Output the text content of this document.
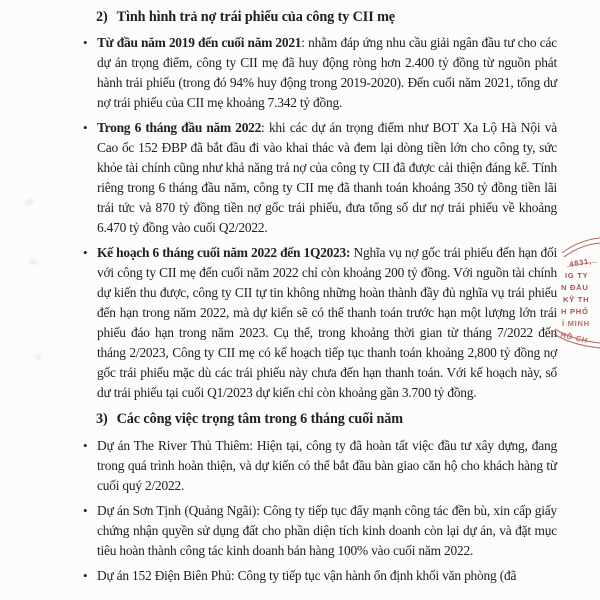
2) Tình hình trả nợ trái phiếu của công ty CII mẹ
• Từ đầu năm 2019 đến cuối năm 2021: nhằm đáp ứng nhu cầu giải ngân đầu tư cho các dự án trọng điểm, công ty CII mẹ đã huy động ròng hơn 2.400 tỷ đồng từ nguồn phát hành trái phiếu (trong đó 94% huy động trong 2019-2020). Đến cuối năm 2021, tổng dư nợ trái phiếu của CII mẹ khoảng 7.342 tỷ đồng.
• Trong 6 tháng đầu năm 2022: khi các dự án trọng điểm như BOT Xa Lộ Hà Nội và Cao ốc 152 ĐBP đã bắt đầu đi vào khai thác và đem lại dòng tiền lớn cho công ty, sức khỏe tài chính cũng như khả năng trả nợ của công ty CII đã được cải thiện đáng kể. Tính riêng trong 6 tháng đầu năm, công ty CII mẹ đã thanh toán khoảng 350 tỷ đồng tiền lãi trái tức và 870 tỷ đồng tiền nợ gốc trái phiếu, đưa tổng số dư nợ trái phiếu về khoảng 6.470 tỷ đồng vào cuối Q2/2022.
• Kế hoạch 6 tháng cuối năm 2022 đến 1Q2023: Nghĩa vụ nợ gốc trái phiếu đến hạn đối với công ty CII mẹ đến cuối năm 2022 chỉ còn khoảng 200 tỷ đồng. Với nguồn tài chính dự kiến thu được, công ty CII tự tin không những hoàn thành đầy đủ nghĩa vụ trái phiếu đến hạn trong năm 2022, mà dự kiến sẽ có thể thanh toán trước hạn một lượng lớn trái phiếu đáo hạn trong năm 2023. Cụ thể, trong khoảng thời gian từ tháng 7/2022 đến tháng 2/2023, Công ty CII mẹ có kế hoạch tiếp tục thanh toán khoảng 2,800 tỷ đồng nợ gốc trái phiếu mặc dù các trái phiếu này chưa đến hạn thanh toán. Với kế hoạch này, số dư trái phiếu tại cuối Q1/2023 dự kiến chỉ còn khoảng gần 3.700 tỷ đồng.
3) Các công việc trọng tâm trong 6 tháng cuối năm
• Dự án The River Thủ Thiêm: Hiện tại, công ty đã hoàn tất việc đầu tư xây dựng, đang trong quá trình hoàn thiện, và dự kiến có thể bắt đầu bàn giao căn hộ cho khách hàng từ cuối quý 2/2022.
• Dự án Sơn Tịnh (Quảng Ngãi): Công ty tiếp tục đẩy mạnh công tác đền bù, xin cấp giấy chứng nhận quyền sử dụng đất cho phần diện tích kinh doanh còn lại dự án, và đặt mục tiêu hoàn thành công tác kinh doanh bán hàng 100% vào cuối năm 2022.
• Dự án 152 Điện Biên Phủ: Công ty tiếp tục vận hành ổn định khối văn phòng (đã
4831,
IG TY
N ĐẦU
KỸ TH
H PHỐ
Í MINH
HỒ CH
